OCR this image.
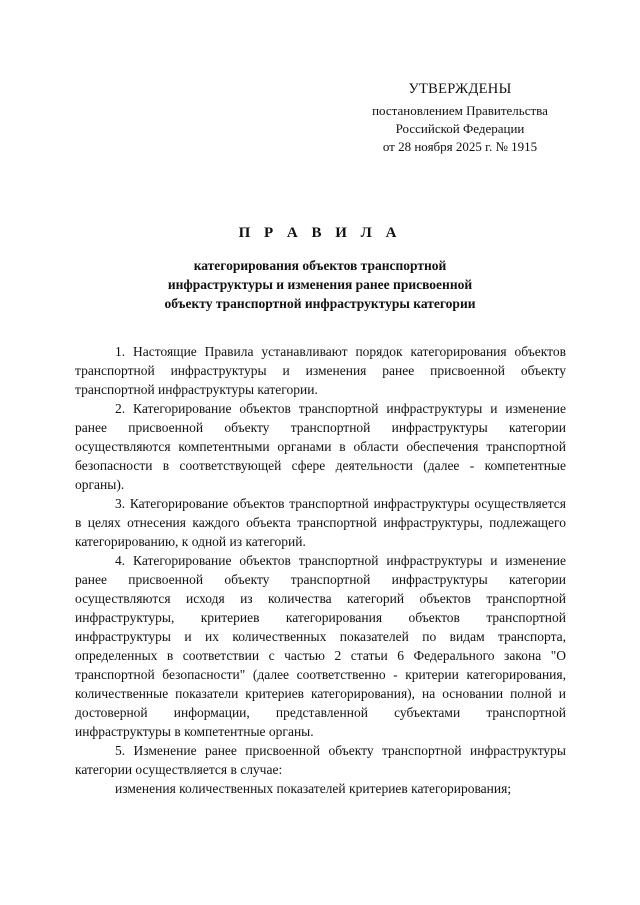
УТВЕРЖДЕНЫ
постановлением Правительства
Российской Федерации
от 28 ноября 2025 г. № 1915
П Р А В И Л А
категорирования объектов транспортной
инфраструктуры и изменения ранее присвоенной
объекту транспортной инфраструктуры категории

1. Настоящие Правила устанавливают порядок категорирования объектов транспортной инфраструктуры и изменения ранее присвоенной объекту транспортной инфраструктуры категории.

2. Категорирование объектов транспортной инфраструктуры и изменение ранее присвоенной объекту транспортной инфраструктуры категории осуществляются компетентными органами в области обеспечения транспортной безопасности в соответствующей сфере деятельности (далее - компетентные органы).

3. Категорирование объектов транспортной инфраструктуры осуществляется в целях отнесения каждого объекта транспортной инфраструктуры, подлежащего категорированию, к одной из категорий.

4. Категорирование объектов транспортной инфраструктуры и изменение ранее присвоенной объекту транспортной инфраструктуры категории осуществляются исходя из количества категорий объектов транспортной инфраструктуры, критериев категорирования объектов транспортной инфраструктуры и их количественных показателей по видам транспорта, определенных в соответствии с частью 2 статьи 6 Федерального закона "О транспортной безопасности" (далее соответственно - критерии категорирования, количественные показатели критериев категорирования), на основании полной и достоверной информации, представленной субъектами транспортной инфраструктуры в компетентные органы.

5. Изменение ранее присвоенной объекту транспортной инфраструктуры категории осуществляется в случае:

изменения количественных показателей критериев категорирования;
